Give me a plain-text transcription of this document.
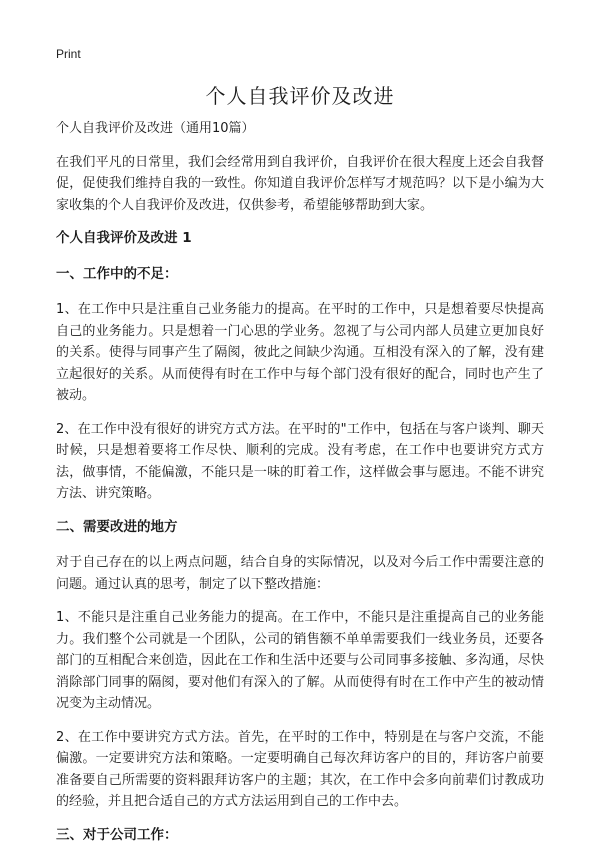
Print
个人自我评价及改进

个人自我评价及改进（通用10篇）

在我们平凡的日常里，我们会经常用到自我评价，自我评价在很大程度上还会自我督促，促使我们维持自我的一致性。你知道自我评价怎样写才规范吗？以下是小编为大家收集的个人自我评价及改进，仅供参考，希望能够帮助到大家。

个人自我评价及改进 1

一、工作中的不足：

1、在工作中只是注重自己业务能力的提高。在平时的工作中，只是想着要尽快提高自己的业务能力。只是想着一门心思的学业务。忽视了与公司内部人员建立更加良好的关系。使得与同事产生了隔阂，彼此之间缺少沟通。互相没有深入的了解，没有建立起很好的关系。从而使得有时在工作中与每个部门没有很好的配合，同时也产生了被动。

2、在工作中没有很好的讲究方式方法。在平时的"工作中，包括在与客户谈判、聊天时候，只是想着要将工作尽快、顺利的完成。没有考虑，在工作中也要讲究方式方法，做事情，不能偏激，不能只是一味的盯着工作，这样做会事与愿违。不能不讲究方法、讲究策略。

二、需要改进的地方

对于自己存在的以上两点问题，结合自身的实际情况，以及对今后工作中需要注意的问题。通过认真的思考，制定了以下整改措施：

1、不能只是注重自己业务能力的提高。在工作中，不能只是注重提高自己的业务能力。我们整个公司就是一个团队，公司的销售额不单单需要我们一线业务员，还要各部门的互相配合来创造，因此在工作和生活中还要与公司同事多接触、多沟通，尽快消除部门同事的隔阂，要对他们有深入的了解。从而使得有时在工作中产生的被动情况变为主动情况。

2、在工作中要讲究方式方法。首先，在平时的工作中，特别是在与客户交流，不能偏激。一定要讲究方法和策略。一定要明确自己每次拜访客户的目的，拜访客户前要准备要自己所需要的资料跟拜访客户的主题；其次，在工作中会多向前辈们讨教成功的经验，并且把合适自己的方式方法运用到自己的工作中去。

三、对于公司工作：
